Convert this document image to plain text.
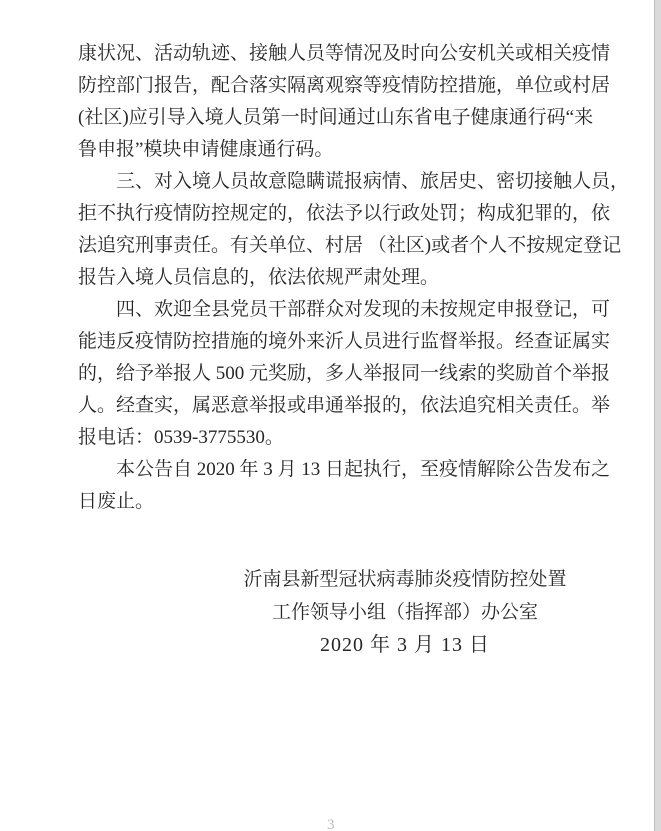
康状况、活动轨迹、接触人员等情况及时向公安机关或相关疫情
防控部门报告，配合落实隔离观察等疫情防控措施，单位或村居
(社区)应引导入境人员第一时间通过山东省电子健康通行码“来
鲁申报”模块申请健康通行码。
三、对入境人员故意隐瞒谎报病情、旅居史、密切接触人员，
拒不执行疫情防控规定的，依法予以行政处罚；构成犯罪的，依
法追究刑事责任。有关单位、村居 （社区)或者个人不按规定登记
报告入境人员信息的，依法依规严肃处理。
四、欢迎全县党员干部群众对发现的未按规定申报登记，可
能违反疫情防控措施的境外来沂人员进行监督举报。经查证属实
的，给予举报人 500 元奖励，多人举报同一线索的奖励首个举报
人。经查实，属恶意举报或串通举报的，依法追究相关责任。举
报电话：0539-3775530。
本公告自 2020 年 3 月 13 日起执行，至疫情解除公告发布之
日废止。
沂南县新型冠状病毒肺炎疫情防控处置
工作领导小组（指挥部）办公室
2020 年 3 月 13 日
3
